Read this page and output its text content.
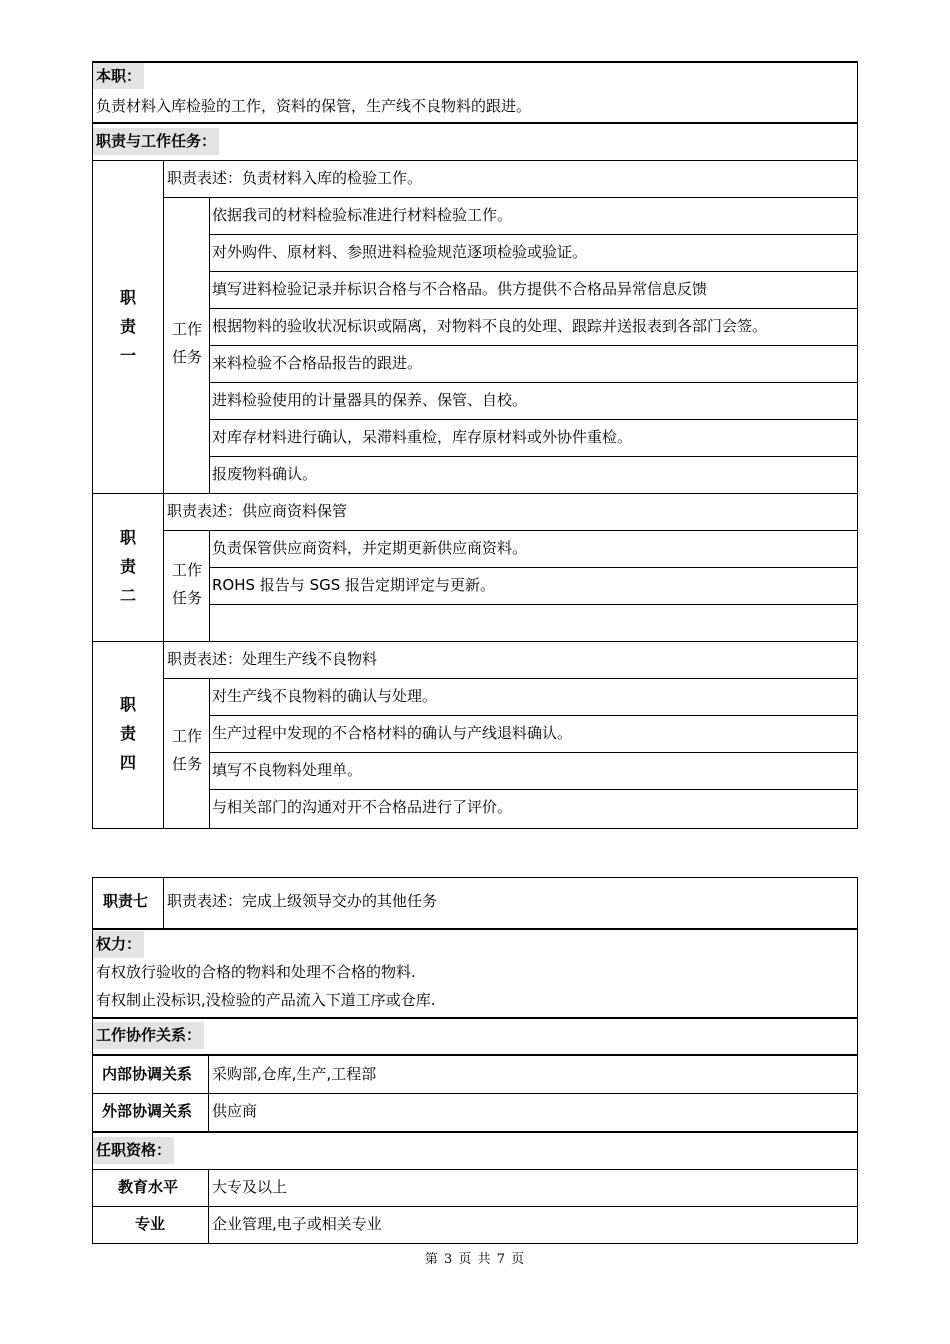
本职：
负责材料入库检验的工作，资料的保管，生产线不良物料的跟进。
职责与工作任务：
职
责
一
职责表述：负责材料入库的检验工作。
工作
任务
依据我司的材料检验标准进行材料检验工作。
对外购件、原材料、参照进料检验规范逐项检验或验证。
填写进料检验记录并标识合格与不合格品。供方提供不合格品异常信息反馈
根据物料的验收状况标识或隔离，对物料不良的处理、跟踪并送报表到各部门会签。
来料检验不合格品报告的跟进。
进料检验使用的计量器具的保养、保管、自校。
对库存材料进行确认，呆滞料重检，库存原材料或外协件重检。
报废物料确认。
职
责
二
职责表述：供应商资料保管
工作
任务
负责保管供应商资料，并定期更新供应商资料。
ROHS 报告与 SGS 报告定期评定与更新。
职
责
四
职责表述：处理生产线不良物料
工作
任务
对生产线不良物料的确认与处理。
生产过程中发现的不合格材料的确认与产线退料确认。
填写不良物料处理单。
与相关部门的沟通对开不合格品进行了评价。
职责七 职责表述：完成上级领导交办的其他任务
权力：
有权放行验收的合格的物料和处理不合格的物料.
有权制止没标识,没检验的产品流入下道工序或仓库.
工作协作关系：
内部协调关系 采购部,仓库,生产,工程部
外部协调关系 供应商
任职资格：
教育水平 大专及以上
专业	企业管理,电子或相关专业
第 3 页 共 7 页
